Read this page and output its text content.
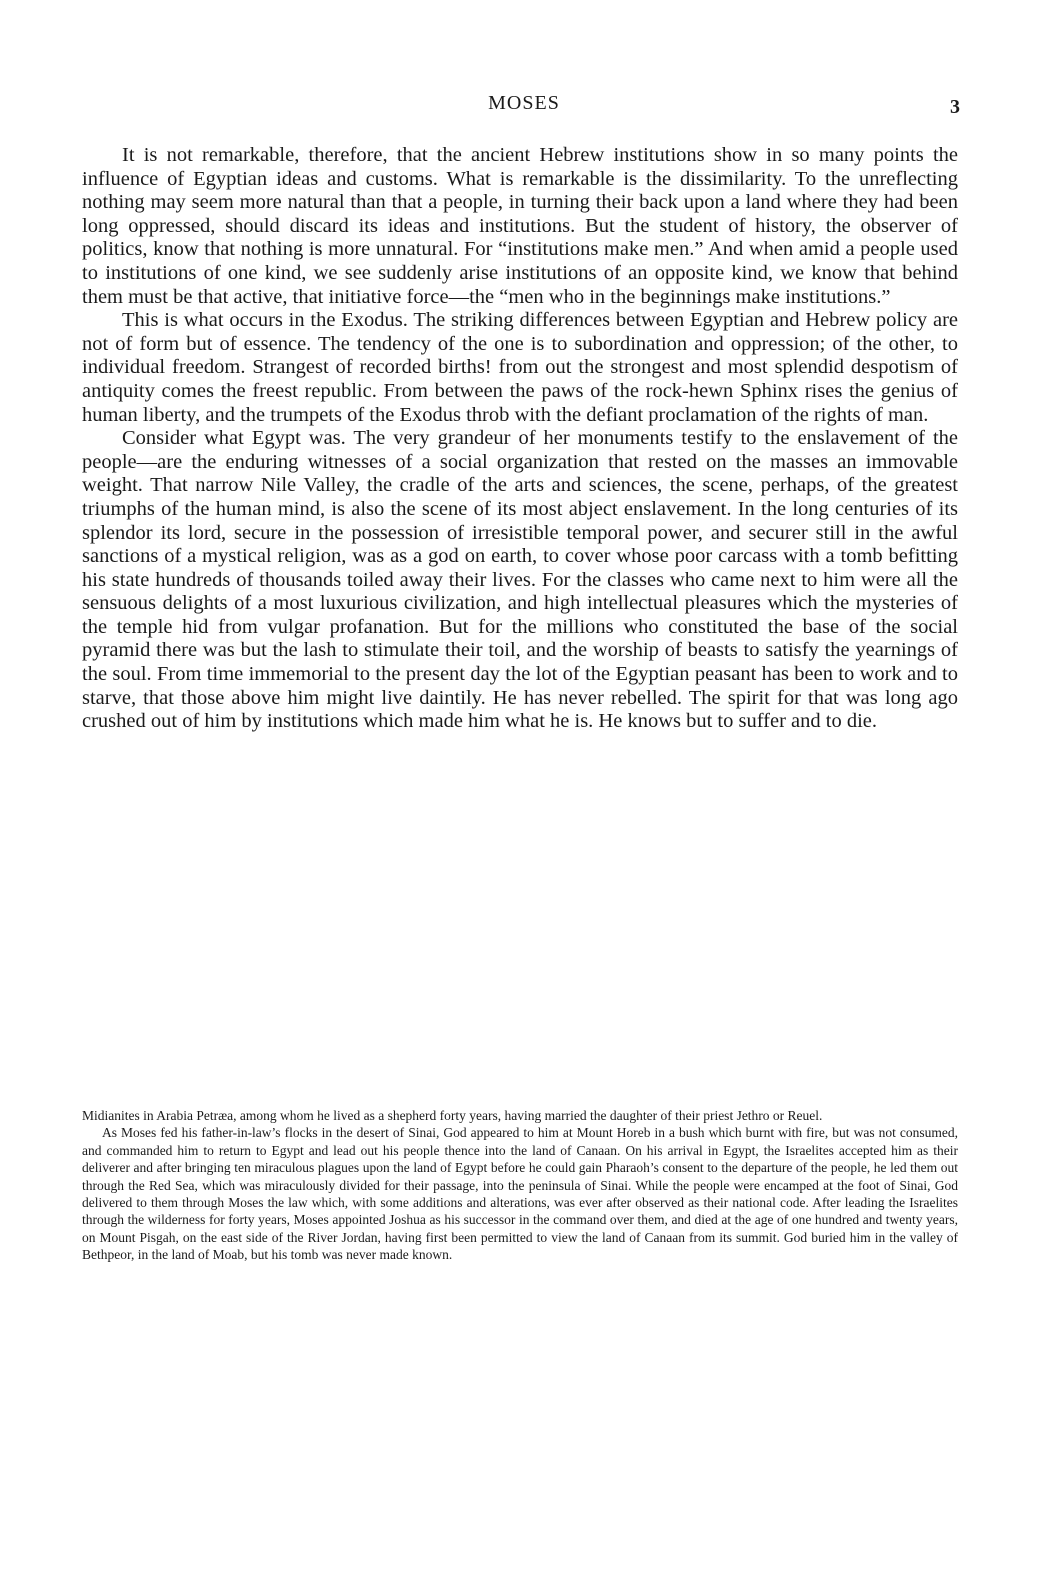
MOSES	3

It is not remarkable, therefore, that the ancient Hebrew institutions show in so many points the influence of Egyptian ideas and customs. What is remarkable is the dissimilarity. To the unreflecting nothing may seem more natural than that a people, in turning their back upon a land where they had been long oppressed, should discard its ideas and institutions. But the student of history, the observer of politics, know that nothing is more unnatural. For “institutions make men.” And when amid a people used to institutions of one kind, we see suddenly arise institutions of an opposite kind, we know that behind them must be that active, that initiative force—the “men who in the beginnings make institutions.”

This is what occurs in the Exodus. The striking differences between Egyptian and Hebrew policy are not of form but of essence. The tendency of the one is to subordination and oppression; of the other, to individual freedom. Strangest of recorded births! from out the strongest and most splendid despotism of antiquity comes the freest republic. From between the paws of the rock-hewn Sphinx rises the genius of human liberty, and the trumpets of the Exodus throb with the defiant proclamation of the rights of man.

Consider what Egypt was. The very grandeur of her monuments testify to the enslavement of the people—are the enduring witnesses of a social organization that rested on the masses an immovable weight. That narrow Nile Valley, the cradle of the arts and sciences, the scene, perhaps, of the greatest triumphs of the human mind, is also the scene of its most abject enslavement. In the long centuries of its splendor its lord, secure in the possession of irresistible temporal power, and securer still in the awful sanctions of a mystical religion, was as a god on earth, to cover whose poor carcass with a tomb befitting his state hundreds of thousands toiled away their lives. For the classes who came next to him were all the sensuous delights of a most luxurious civilization, and high intellectual pleasures which the mysteries of the temple hid from vulgar profanation. But for the millions who constituted the base of the social pyramid there was but the lash to stimulate their toil, and the worship of beasts to satisfy the yearnings of the soul. From time immemorial to the present day the lot of the Egyptian peasant has been to work and to starve, that those above him might live daintily. He has never rebelled. The spirit for that was long ago crushed out of him by institutions which made him what he is. He knows but to suffer and to die.

Midianites in Arabia Petræa, among whom he lived as a shepherd forty years, having married the daughter of their priest Jethro or Reuel.

As Moses fed his father-in-law’s flocks in the desert of Sinai, God appeared to him at Mount Horeb in a bush which burnt with fire, but was not consumed, and commanded him to return to Egypt and lead out his people thence into the land of Canaan. On his arrival in Egypt, the Israelites accepted him as their deliverer and after bringing ten miraculous plagues upon the land of Egypt before he could gain Pharaoh’s consent to the departure of the people, he led them out through the Red Sea, which was miraculously divided for their passage, into the peninsula of Sinai. While the people were encamped at the foot of Sinai, God delivered to them through Moses the law which, with some additions and alterations, was ever after observed as their national code. After leading the Israelites through the wilderness for forty years, Moses appointed Joshua as his successor in the command over them, and died at the age of one hundred and twenty years, on Mount Pisgah, on the east side of the River Jordan, having first been permitted to view the land of Canaan from its summit. God buried him in the valley of Bethpeor, in the land of Moab, but his tomb was never made known.
